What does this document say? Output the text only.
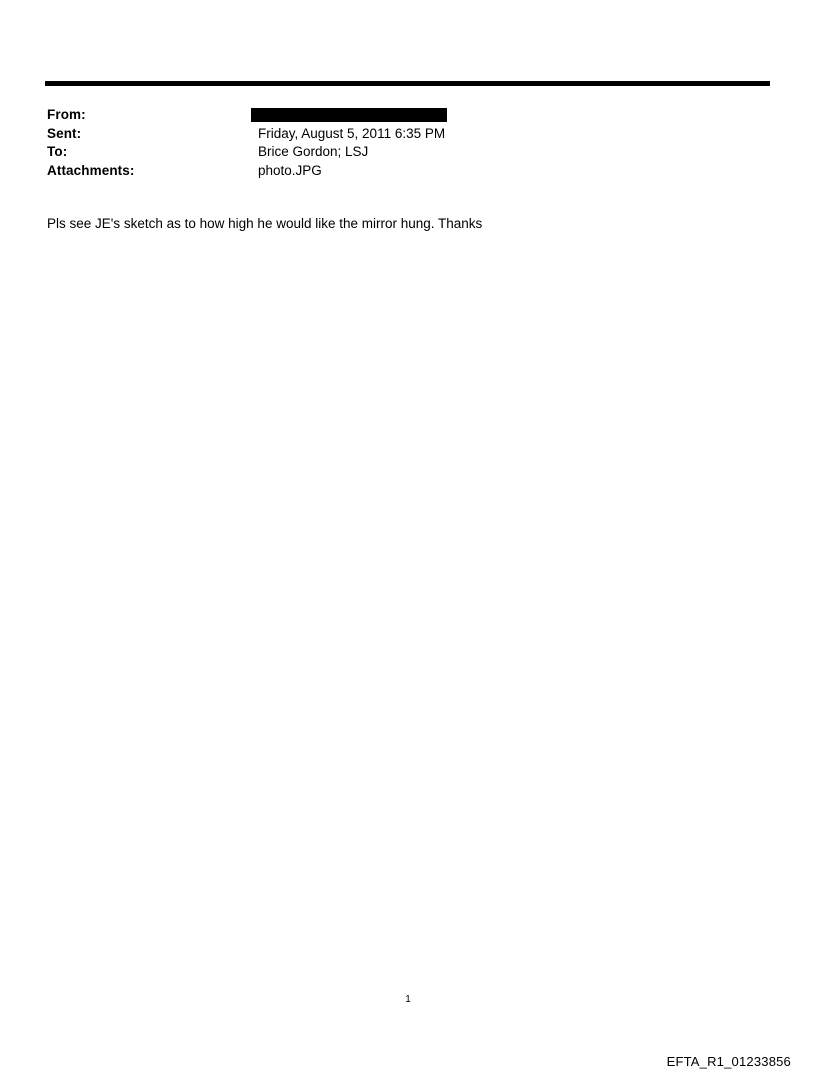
From:
Sent:	Friday, August 5, 2011 6:35 PM
To:	Brice Gordon; LSJ
Attachments:	photo.JPG
Pls see JE's sketch as to how high he would like the mirror hung. Thanks
1
EFTA_R1_01233856
